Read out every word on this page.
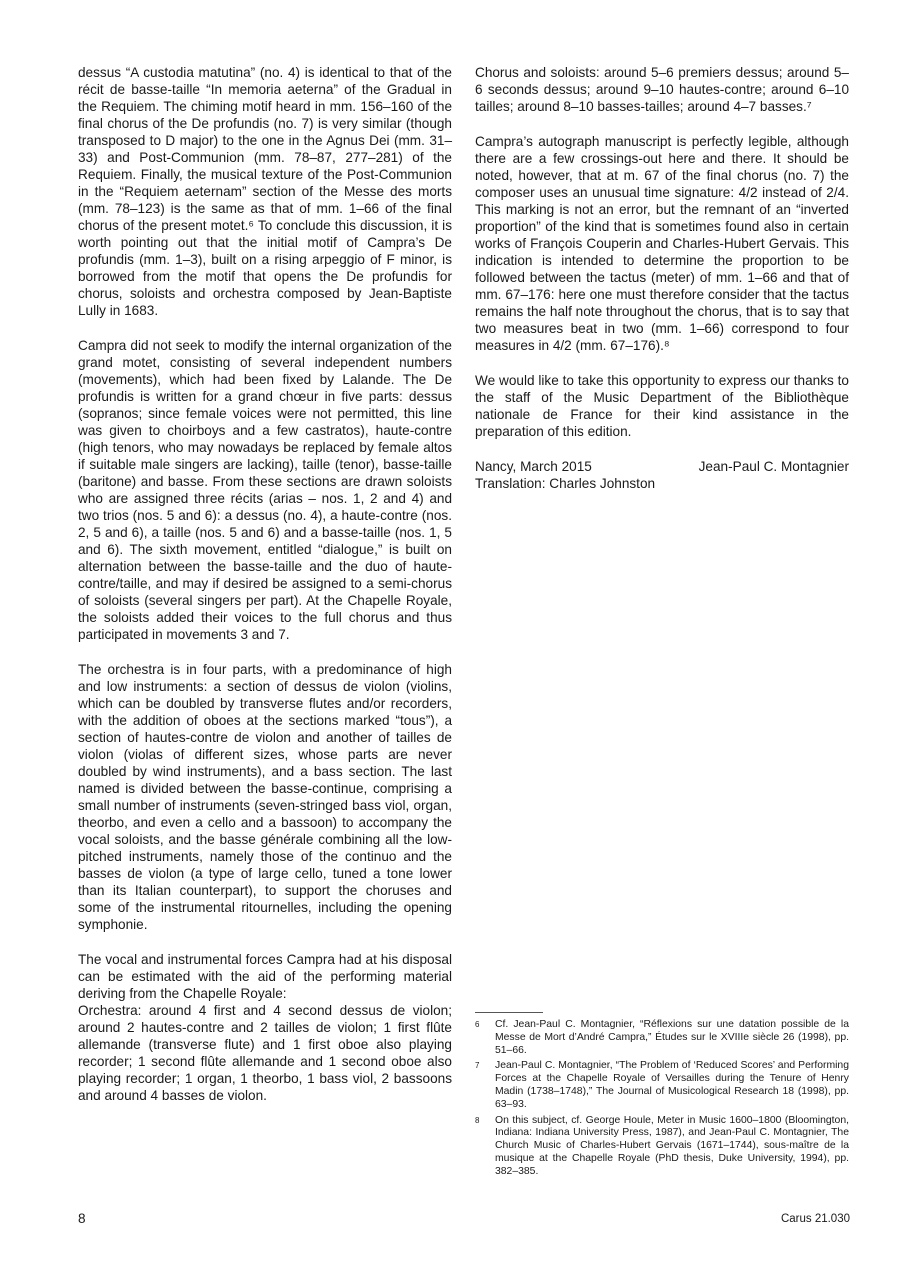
dessus “A custodia matutina” (no. 4) is identical to that of the récit de basse-taille “In memoria aeterna” of the Gradual in the Requiem. The chiming motif heard in mm. 156–160 of the final chorus of the De profundis (no. 7) is very similar (though transposed to D major) to the one in the Agnus Dei (mm. 31–33) and Post-Communion (mm. 78–87, 277–281) of the Requiem. Finally, the musical texture of the Post-Communion in the “Requiem aeternam” section of the Messe des morts (mm. 78–123) is the same as that of mm. 1–66 of the final chorus of the present motet.⁶ To conclude this discussion, it is worth pointing out that the initial motif of Campra’s De profundis (mm. 1–3), built on a rising arpeggio of F minor, is borrowed from the motif that opens the De profundis for chorus, soloists and orchestra composed by Jean-Baptiste Lully in 1683.

Campra did not seek to modify the internal organization of the grand motet, consisting of several independent numbers (movements), which had been fixed by Lalande. The De profundis is written for a grand chœur in five parts: dessus (sopranos; since female voices were not permitted, this line was given to choirboys and a few castratos), haute-contre (high tenors, who may nowadays be replaced by female altos if suitable male singers are lacking), taille (tenor), basse-taille (baritone) and basse. From these sections are drawn soloists who are assigned three récits (arias – nos. 1, 2 and 4) and two trios (nos. 5 and 6): a dessus (no. 4), a haute-contre (nos. 2, 5 and 6), a taille (nos. 5 and 6) and a basse-taille (nos. 1, 5 and 6). The sixth movement, entitled “dialogue,” is built on alternation between the basse-taille and the duo of haute-contre/taille, and may if desired be assigned to a semi-chorus of soloists (several singers per part). At the Chapelle Royale, the soloists added their voices to the full chorus and thus participated in movements 3 and 7.

The orchestra is in four parts, with a predominance of high and low instruments: a section of dessus de violon (violins, which can be doubled by transverse flutes and/or recorders, with the addition of oboes at the sections marked “tous”), a section of hautes-contre de violon and another of tailles de violon (violas of different sizes, whose parts are never doubled by wind instruments), and a bass section. The last named is divided between the basse-continue, comprising a small number of instruments (seven-stringed bass viol, organ, theorbo, and even a cello and a bassoon) to accompany the vocal soloists, and the basse générale combining all the low-pitched instruments, namely those of the continuo and the basses de violon (a type of large cello, tuned a tone lower than its Italian counterpart), to support the choruses and some of the instrumental ritournelles, including the opening symphonie.

The vocal and instrumental forces Campra had at his disposal can be estimated with the aid of the performing material deriving from the Chapelle Royale:

Orchestra: around 4 first and 4 second dessus de violon; around 2 hautes-contre and 2 tailles de violon; 1 first flûte allemande (transverse flute) and 1 first oboe also playing recorder; 1 second flûte allemande and 1 second oboe also playing recorder; 1 organ, 1 theorbo, 1 bass viol, 2 bassoons and around 4 basses de violon.

Chorus and soloists: around 5–6 premiers dessus; around 5–6 seconds dessus; around 9–10 hautes-contre; around 6–10 tailles; around 8–10 basses-tailles; around 4–7 basses.⁷

Campra’s autograph manuscript is perfectly legible, although there are a few crossings-out here and there. It should be noted, however, that at m. 67 of the final chorus (no. 7) the composer uses an unusual time signature: 4/2 instead of 2/4. This marking is not an error, but the remnant of an “inverted proportion” of the kind that is sometimes found also in certain works of François Couperin and Charles-Hubert Gervais. This indication is intended to determine the proportion to be followed between the tactus (meter) of mm. 1–66 and that of mm. 67–176: here one must therefore consider that the tactus remains the half note throughout the chorus, that is to say that two measures beat in two (mm. 1–66) correspond to four measures in 4/2 (mm. 67–176).⁸

We would like to take this opportunity to express our thanks to the staff of the Music Department of the Bibliothèque nationale de France for their kind assistance in the preparation of this edition.

Nancy, March 2015	Jean-Paul C. Montagnier
Translation: Charles Johnston
6 Cf. Jean-Paul C. Montagnier, “Réflexions sur une datation possible de la Messe de Mort d’André Campra,” Études sur le XVIIIe siècle 26 (1998), pp. 51–66.
7 Jean-Paul C. Montagnier, “The Problem of ‘Reduced Scores’ and Performing Forces at the Chapelle Royale of Versailles during the Tenure of Henry Madin (1738–1748),” The Journal of Musicological Research 18 (1998), pp. 63–93.
8 On this subject, cf. George Houle, Meter in Music 1600–1800 (Bloomington, Indiana: Indiana University Press, 1987), and Jean-Paul C. Montagnier, The Church Music of Charles-Hubert Gervais (1671–1744), sous-maître de la musique at the Chapelle Royale (PhD thesis, Duke University, 1994), pp. 382–385.
8	Carus 21.030
